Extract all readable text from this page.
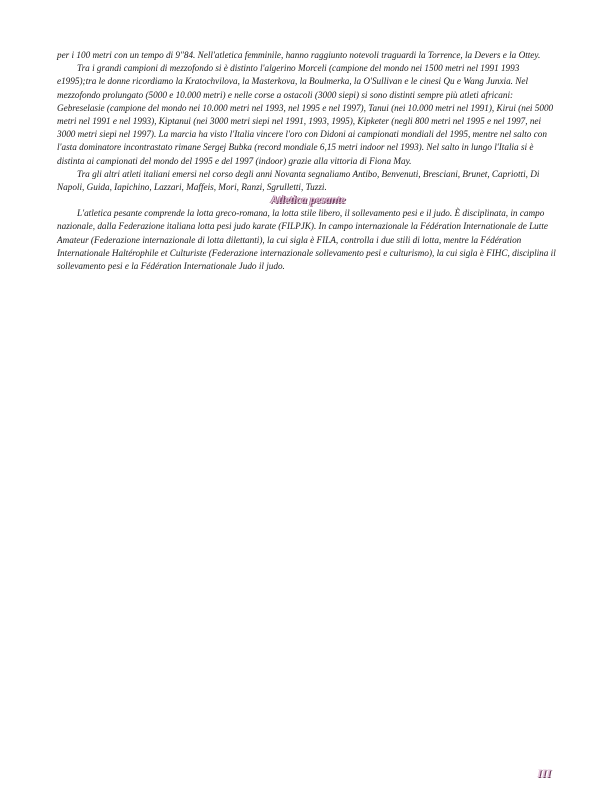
per i 100 metri con un tempo di 9"84. Nell'atletica femminile, hanno raggiunto notevoli traguardi la Torrence, la Devers e la Ottey.

Tra i grandi campioni di mezzofondo si è distinto l'algerino Morceli (campione del mondo nei 1500 metri nel 1991 1993 e1995);tra le donne ricordiamo la Kratochvilova, la Masterkova, la Boulmerka, la O'Sullivan e le cinesi Qu e Wang Junxia. Nel mezzofondo prolungato (5000 e 10.000 metri) e nelle corse a ostacoli (3000 siepi) si sono distinti sempre più atleti africani: Gebreselasie (campione del mondo nei 10.000 metri nel 1993, nel 1995 e nel 1997), Tanui (nei 10.000 metri nel 1991), Kirui (nei 5000 metri nel 1991 e nel 1993), Kiptanui (nei 3000 metri siepi nel 1991, 1993, 1995), Kipketer (negli 800 metri nel 1995 e nel 1997, nei 3000 metri siepi nel 1997). La marcia ha visto l'Italia vincere l'oro con Didoni ai campionati mondiali del 1995, mentre nel salto con l'asta dominatore incontrastato rimane Sergej Bubka (record mondiale 6,15 metri indoor nel 1993). Nel salto in lungo l'Italia si è distinta ai campionati del mondo del 1995 e del 1997 (indoor) grazie alla vittoria di Fiona May.

Tra gli altri atleti italiani emersi nel corso degli anni Novanta segnaliamo Antibo, Benvenuti, Bresciani, Brunet, Capriotti, Di Napoli, Guida, Iapichino, Lazzari, Maffeis, Mori, Ranzi, Sgrulletti, Tuzzi.

Atletica pesante

L'atletica pesante comprende la lotta greco-romana, la lotta stile libero, il sollevamento pesi e il judo. È disciplinata, in campo nazionale, dalla Federazione italiana lotta pesi judo karate (FILPJK). In campo internazionale la Fédération Internationale de Lutte Amateur (Federazione internazionale di lotta dilettanti), la cui sigla è FILA, controlla i due stili di lotta, mentre la Fédération Internationale Haltérophile et Culturiste (Federazione internazionale sollevamento pesi e culturismo), la cui sigla è FIHC, disciplina il sollevamento pesi e la Fédération Internationale Judo il judo.

III
